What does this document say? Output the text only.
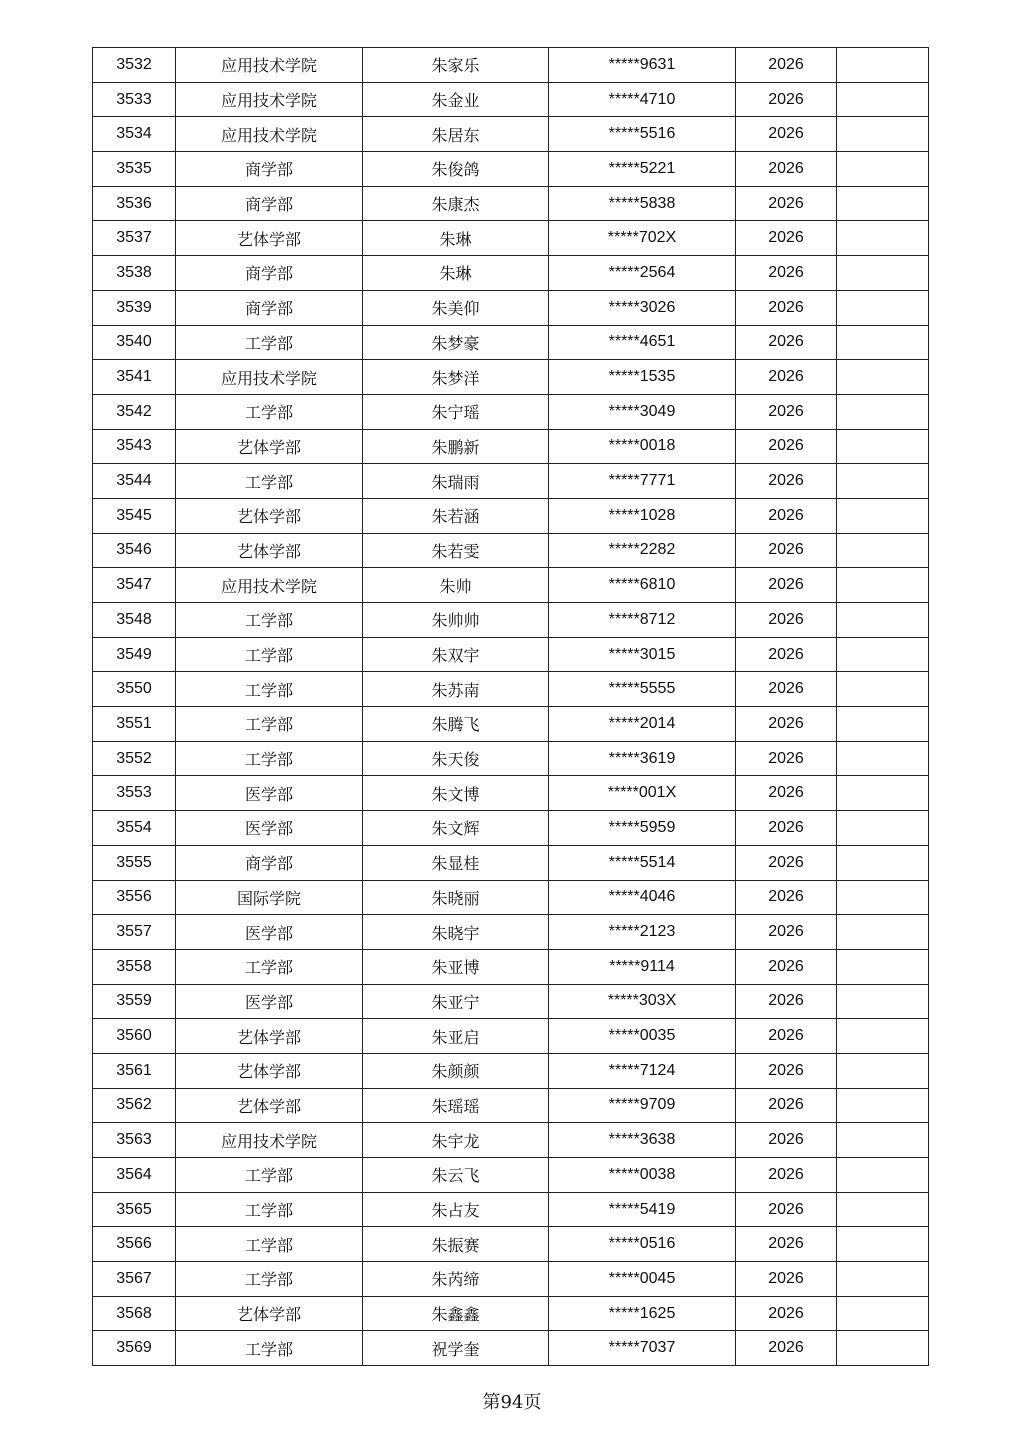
3532	应用技术学院	朱家乐	*****9631	2026	
3533	应用技术学院	朱金业	*****4710	2026	
3534	应用技术学院	朱居东	*****5516	2026	
3535	商学部	朱俊鸽	*****5221	2026	
3536	商学部	朱康杰	*****5838	2026	
3537	艺体学部	朱琳	*****702X	2026	
3538	商学部	朱琳	*****2564	2026	
3539	商学部	朱美仰	*****3026	2026	
3540	工学部	朱梦豪	*****4651	2026	
3541	应用技术学院	朱梦洋	*****1535	2026	
3542	工学部	朱宁瑶	*****3049	2026	
3543	艺体学部	朱鹏新	*****0018	2026	
3544	工学部	朱瑞雨	*****7771	2026	
3545	艺体学部	朱若涵	*****1028	2026	
3546	艺体学部	朱若雯	*****2282	2026	
3547	应用技术学院	朱帅	*****6810	2026	
3548	工学部	朱帅帅	*****8712	2026	
3549	工学部	朱双宇	*****3015	2026	
3550	工学部	朱苏南	*****5555	2026	
3551	工学部	朱腾飞	*****2014	2026	
3552	工学部	朱天俊	*****3619	2026	
3553	医学部	朱文博	*****001X	2026	
3554	医学部	朱文辉	*****5959	2026	
3555	商学部	朱显桂	*****5514	2026	
3556	国际学院	朱晓丽	*****4046	2026	
3557	医学部	朱晓宇	*****2123	2026	
3558	工学部	朱亚博	*****9114	2026	
3559	医学部	朱亚宁	*****303X	2026	
3560	艺体学部	朱亚启	*****0035	2026	
3561	艺体学部	朱颜颜	*****7124	2026	
3562	艺体学部	朱瑶瑶	*****9709	2026	
3563	应用技术学院	朱宇龙	*****3638	2026	
3564	工学部	朱云飞	*****0038	2026	
3565	工学部	朱占友	*****5419	2026	
3566	工学部	朱振赛	*****0516	2026	
3567	工学部	朱芮缔	*****0045	2026	
3568	艺体学部	朱鑫鑫	*****1625	2026	
3569	工学部	祝学奎	*****7037	2026	
第94页
